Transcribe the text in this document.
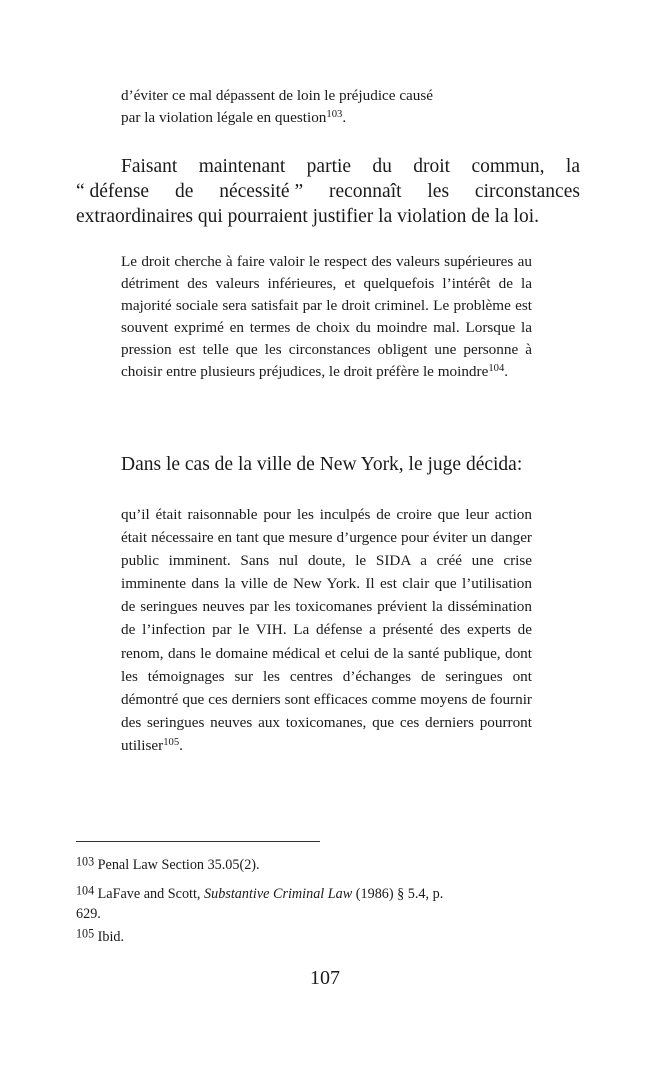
d’éviter ce mal dépassent de loin le préjudice causé
par la violation légale en question$^{103}$.
Faisant maintenant partie du droit commun, la
“ défense de nécessité ” reconnaît les circonstances
extraordinaires qui pourraient justifier la violation de la loi.
Le droit cherche à faire valoir le respect des valeurs supérieures au détriment des valeurs inférieures, et quelquefois l’intérêt de la majorité sociale sera satisfait par le droit criminel. Le problème est souvent exprimé en termes de choix du moindre mal. Lorsque la pression est telle que les circonstances obligent une personne à choisir entre plusieurs préjudices, le droit préfère le moindre$^{104}$.
Dans le cas de la ville de New York, le juge décida:
qu’il était raisonnable pour les inculpés de croire que leur action était nécessaire en tant que mesure d’urgence pour éviter un danger public imminent. Sans nul doute, le SIDA a créé une crise imminente dans la ville de New York. Il est clair que l’utilisation de seringues neuves par les toxicomanes prévient la dissémination de l’infection par le VIH. La défense a présenté des experts de renom, dans le domaine médical et celui de la santé publique, dont les témoignages sur les centres d’échanges de seringues ont démontré que ces derniers sont efficaces comme moyens de fournir des seringues neuves aux toxicomanes, que ces derniers pourront utiliser$^{105}$.
$^{103}$ Penal Law Section 35.05(2).
$^{104}$ LaFave and Scott, Substantive Criminal Law (1986) § 5.4, p.
629.
$^{105}$ Ibid.
107
